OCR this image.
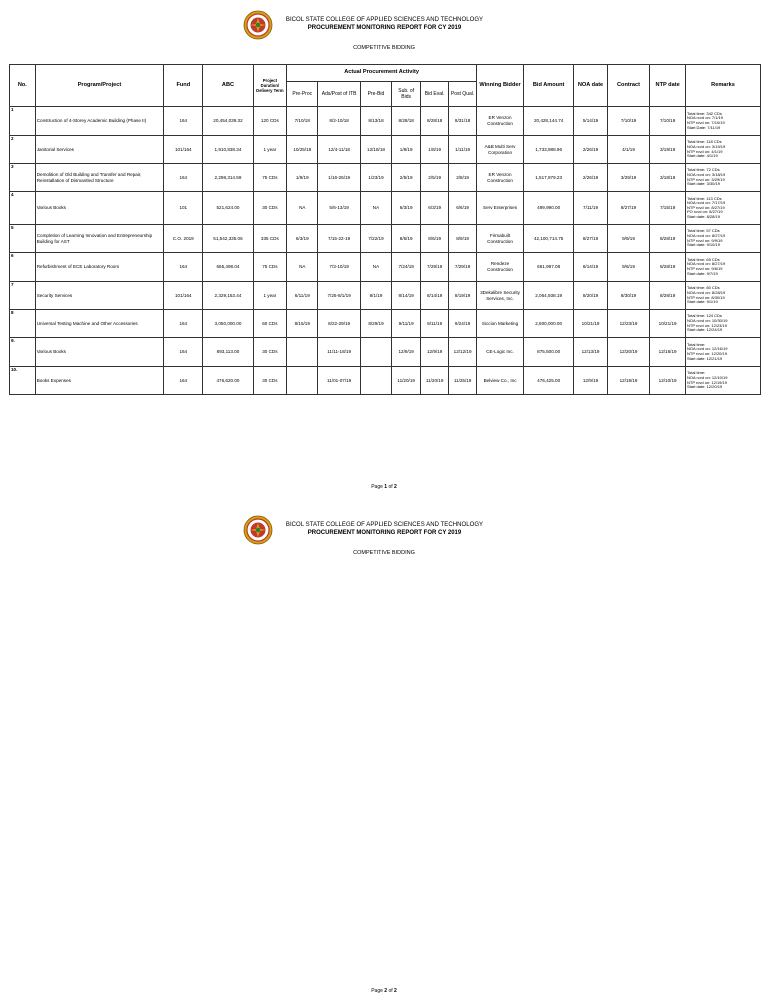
BICOL STATE COLLEGE OF APPLIED SCIENCES AND TECHNOLOGY
PROCUREMENT MONITORING REPORT FOR CY 2019
COMPETITIVE BIDDING
No.	Program/Project	Fund	ABC	Project Duration/ Delivery Term	Actual Procurement Activity						Winning Bidder	Bid Amount	NOA date	Contract	NTP date	Remarks
					Pre-Proc	Ads/Post of ITB	Pre-Bid	Sub. of Bids	Bid Eval.	Post Qual.						
1	Construction of 4-Storey Academic Building (Phase II)	164	20,454,039.32	120 CDs	7/10/18	8/2-10/18	8/13/18	8/28/18	8/28/18	8/31/18	ER Venzon Construction	20,428,144.74	5/14/19	7/10/19	7/10/19	Total time: 342 CDs
NOA rcvd on: 7/1/19
NTP rcvd on: 7/10/19
Start Date: 7/11/19

2	Janitorial Services	101/164	1,910,838.34	1 year	10/25/18	12/4-11/18	12/18/18	1/8/19	1/8/19	1/11/19	A&B Multi Serv Corporation	1,733,988.96	2/26/19	4/1/19	3/19/19	Total time: 118 CDs
NOA rcvd on: 3/19/19
NTP rcvd on: 4/1/19
Start date: 4/1/19

3	Demolition of Old Building and Transfer and Repair, Reinstallation of Dismantled Structure	164	2,298,314.59	75 CDs	1/9/19	1/16-26/19	1/23/19	2/5/19	2/5/19	2/8/19	ER Venzon Construction	1,517,979.23	2/26/19	3/29/19	3/18/19	Total time: 72 CDs
NOA rcvd on: 3/18/19
NTP rcvd on: 3/29/19
Start date: 3/30/19

4	Various Books	101	521,624.00	30 CDs	NA	5/6-13/19	NA	6/3/19	6/3/19	6/6/19	Serv Enterprises	499,990.00	7/11/19	8/27/19	7/15/19	Total time: 113 CDs
NOA rcvd on: 7/17/19
NTP rcvd on: 8/27/19
PO rcvd on: 8/27/19
Start date: 8/28/19

5	Completion of Learning Innovation and Entrepreneurship Building for AST	C.O. 2019	51,542,335.06	335 CDs	6/3/19	7/15-22-19	7/22/19	8/6/19	8/6/19	8/9/19	Firmabuilt Construction	42,100,714.75	8/27/19	9/9/19	8/28/19	Total time: 57 CDs
NOA rcvd on: 8/27/19
NTP rcvd on: 9/9/19
Start date: 9/10/19

6	Refurbishment of ECE Laboratory Room	164	665,498.04	75 CDs	NA	7/3-10/19	NA	7/24/19	7/29/19	7/29/19	Rendeze Construction	661,997.08	8/14/19	9/6/19	8/28/19	Total time: 65 CDs
NOA rcvd on: 8/27/19
NTP rcvd on: 9/6/19
Start date: 9/7/19

7	Security Services	101/164	2,329,153.44	1 year	6/11/19	7/25-8/1/19	8/1/19	8/14/19	8/14/19	8/19/19	3Dekalibre Security Services, Inc.	2,064,938.19	8/20/19	8/30/19	8/28/19	Total time: 80 CDs
NOA rcvd on: 8/28/19
NTP rcvd on: 8/30/19
Start date: 9/1/19

8	Universal Testing Machine and Other Accessories	164	3,050,000.00	60 CDs	8/15/19	8/22-29/19	8/29/19	9/11/19	9/11/19	9/24/19	Siccion Marketing	2,600,000.00	10/21/19	12/23/19	10/21/19	Total time: 124 CDs
NOA rcvd on: 10/30/19
NTP rcvd on: 12/23/19
Start date: 12/24/19

9.	Various Books	164	893,113.00	30 CDs		11/11-18/19		12/9/19	12/9/19	12/12/19	CE-Logic Inc.	875,500.00	12/13/19	12/20/19	12/16/19	Total time:
NOA rcvd on: 12/16/19
NTP rcvd on: 12/20/19
Start date: 12/21/19

10.	Books Expenses	164	476,620.00	30 CDs		11/01-07/19		11/20/19	11/20/19	11/25/19	Belview Co., Inc	476,425.00	12/9/19	12/19/19	12/10/19	Total time:
NOA rcvd on: 12/10/19
NTP rcvd on: 12/19/19
Start date: 12/20/19
Page 1 of 2
BICOL STATE COLLEGE OF APPLIED SCIENCES AND TECHNOLOGY
PROCUREMENT MONITORING REPORT FOR CY 2019
COMPETITIVE BIDDING
Page 2 of 2
